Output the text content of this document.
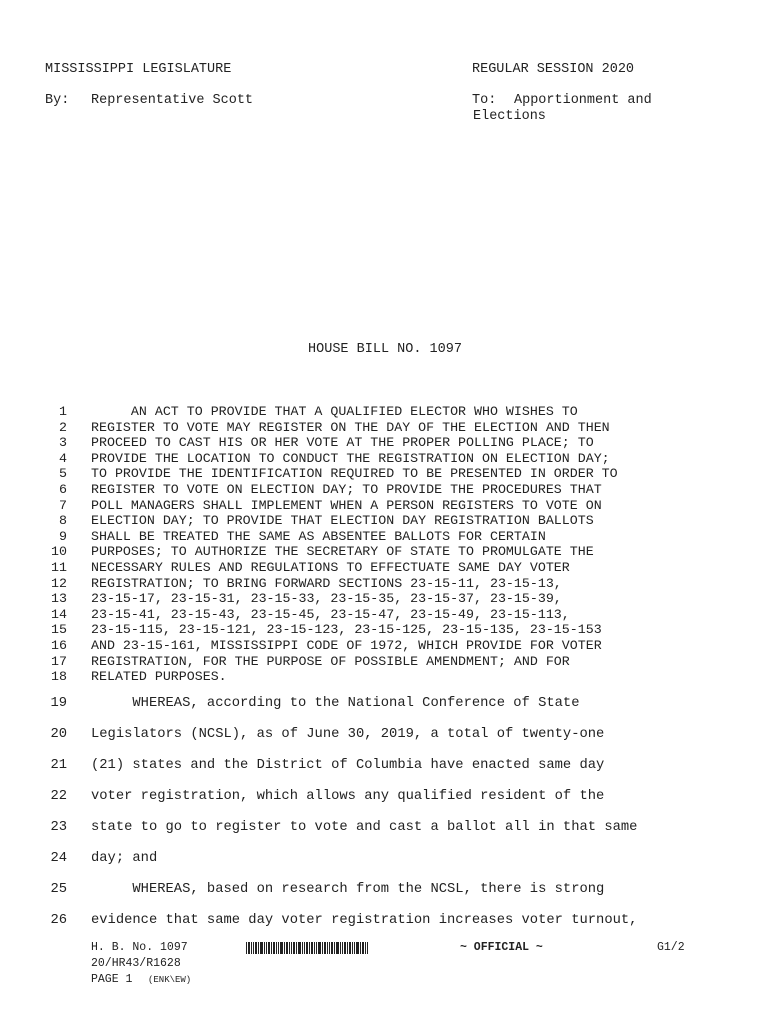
MISSISSIPPI LEGISLATURE	REGULAR SESSION 2020
By: Representative Scott	To: Apportionment and
Elections
HOUSE BILL NO. 1097
1 AN ACT TO PROVIDE THAT A QUALIFIED ELECTOR WHO WISHES TO
2 REGISTER TO VOTE MAY REGISTER ON THE DAY OF THE ELECTION AND THEN
3 PROCEED TO CAST HIS OR HER VOTE AT THE PROPER POLLING PLACE; TO
4 PROVIDE THE LOCATION TO CONDUCT THE REGISTRATION ON ELECTION DAY;
5 TO PROVIDE THE IDENTIFICATION REQUIRED TO BE PRESENTED IN ORDER TO
6 REGISTER TO VOTE ON ELECTION DAY; TO PROVIDE THE PROCEDURES THAT
7 POLL MANAGERS SHALL IMPLEMENT WHEN A PERSON REGISTERS TO VOTE ON
8 ELECTION DAY; TO PROVIDE THAT ELECTION DAY REGISTRATION BALLOTS
9 SHALL BE TREATED THE SAME AS ABSENTEE BALLOTS FOR CERTAIN
10 PURPOSES; TO AUTHORIZE THE SECRETARY OF STATE TO PROMULGATE THE
11 NECESSARY RULES AND REGULATIONS TO EFFECTUATE SAME DAY VOTER
12 REGISTRATION; TO BRING FORWARD SECTIONS 23-15-11, 23-15-13,
13 23-15-17, 23-15-31, 23-15-33, 23-15-35, 23-15-37, 23-15-39,
14 23-15-41, 23-15-43, 23-15-45, 23-15-47, 23-15-49, 23-15-113,
15 23-15-115, 23-15-121, 23-15-123, 23-15-125, 23-15-135, 23-15-153
16 AND 23-15-161, MISSISSIPPI CODE OF 1972, WHICH PROVIDE FOR VOTER
17 REGISTRATION, FOR THE PURPOSE OF POSSIBLE AMENDMENT; AND FOR
18 RELATED PURPOSES.
19 WHEREAS, according to the National Conference of State
20 Legislators (NCSL), as of June 30, 2019, a total of twenty-one
21 (21) states and the District of Columbia have enacted same day
22 voter registration, which allows any qualified resident of the
23 state to go to register to vote and cast a ballot all in that same
24 day; and
25 WHEREAS, based on research from the NCSL, there is strong
26 evidence that same day voter registration increases voter turnout,
H. B. No. 1097	~ OFFICIAL ~	G1/2
20/HR43/R1628
PAGE 1 (ENK\EW)
